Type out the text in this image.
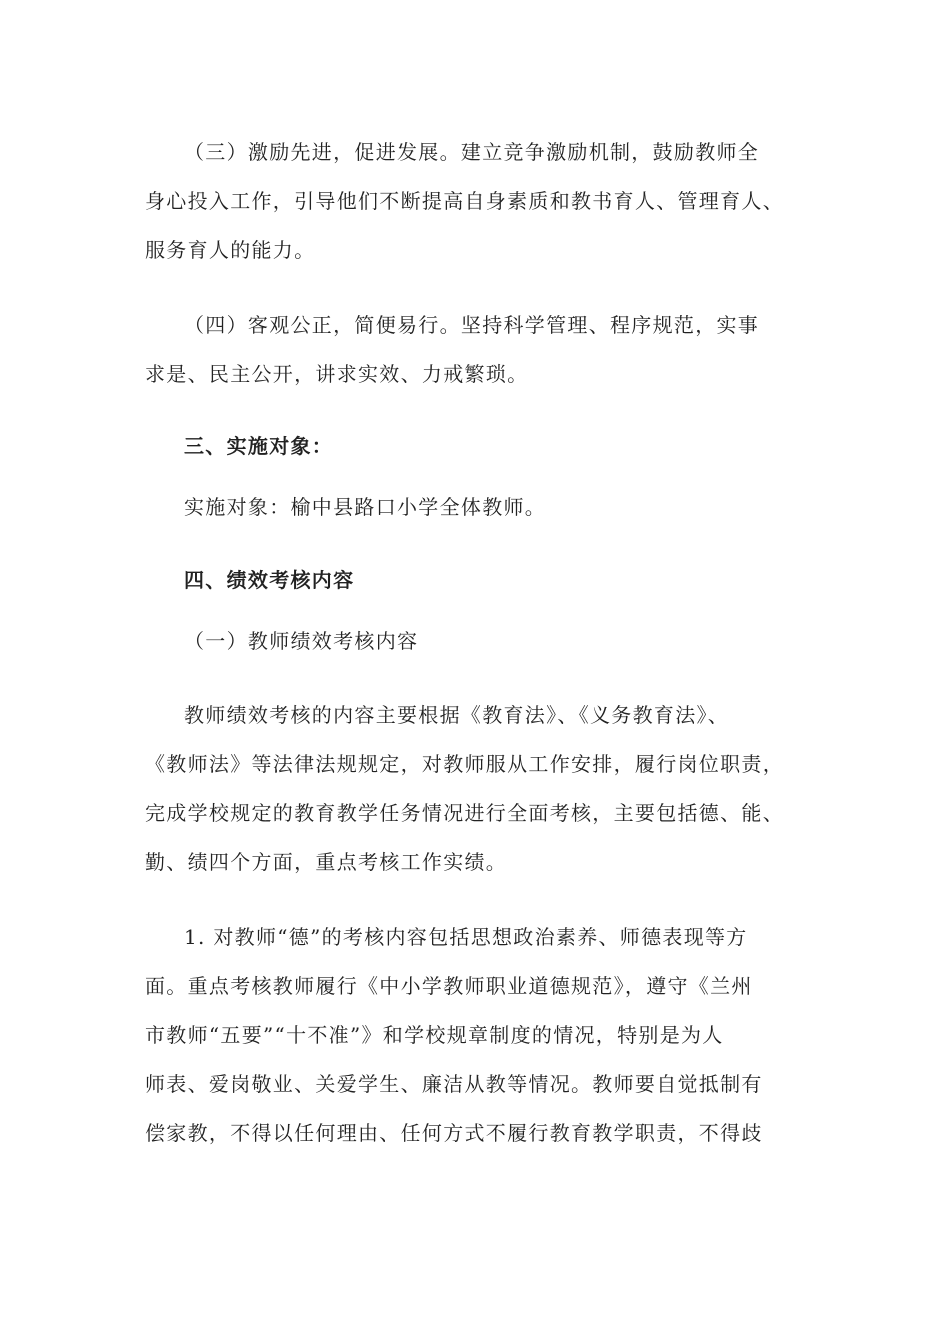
（三）激励先进，促进发展。建立竞争激励机制，鼓励教师全
身心投入工作，引导他们不断提高自身素质和教书育人、管理育人、
服务育人的能力。
（四）客观公正，简便易行。坚持科学管理、程序规范，实事
求是、民主公开，讲求实效、力戒繁琐。
三、实施对象：
实施对象：榆中县路口小学全体教师。
四、绩效考核内容
（一）教师绩效考核内容
教师绩效考核的内容主要根据《教育法》、《义务教育法》、
《教师法》等法律法规规定，对教师服从工作安排，履行岗位职责，
完成学校规定的教育教学任务情况进行全面考核，主要包括德、能、
勤、绩四个方面，重点考核工作实绩。
1. 对教师“德”的考核内容包括思想政治素养、师德表现等方
面。重点考核教师履行《中小学教师职业道德规范》，遵守《兰州
市教师“五要”“十不准”》和学校规章制度的情况，特别是为人
师表、爱岗敬业、关爱学生、廉洁从教等情况。教师要自觉抵制有
偿家教，不得以任何理由、任何方式不履行教育教学职责，不得歧
